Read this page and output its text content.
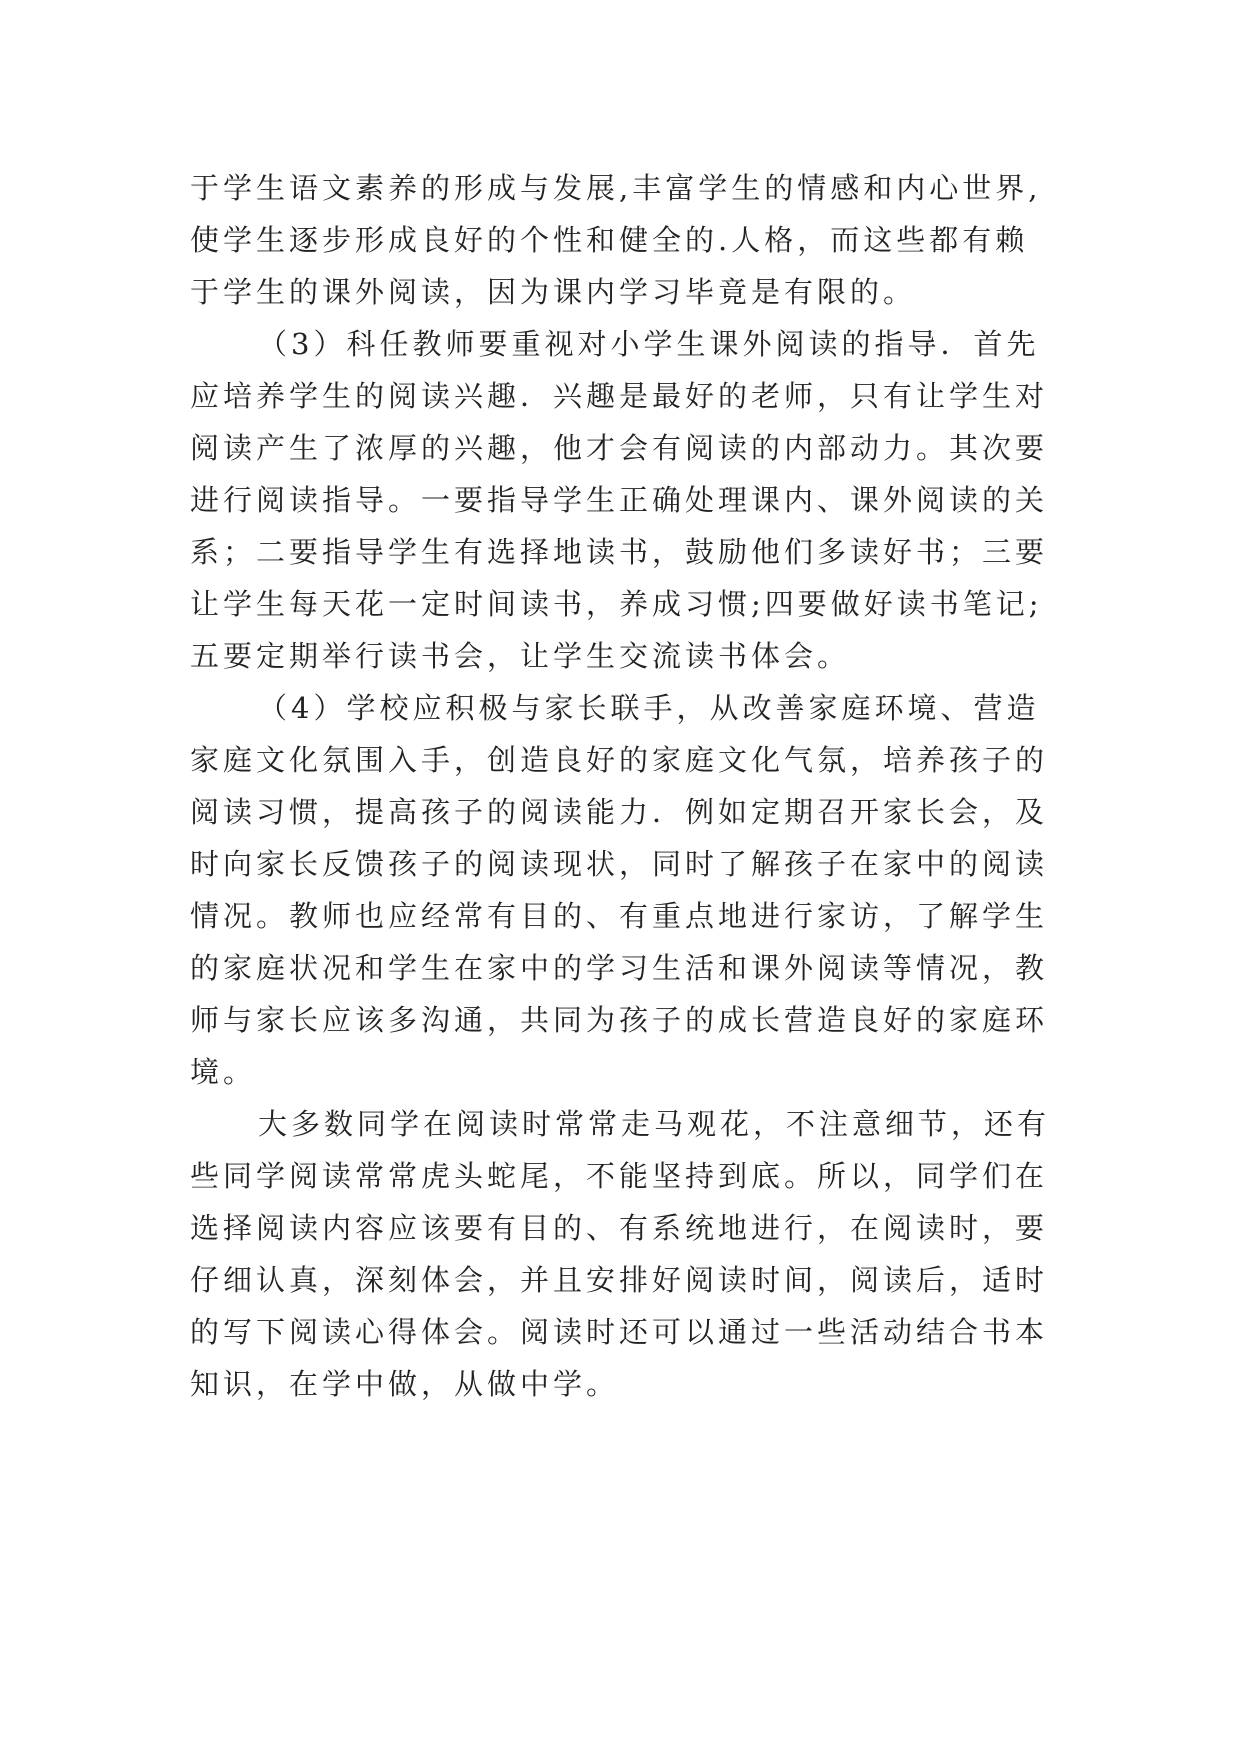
于学生语文素养的形成与发展,丰富学生的情感和内心世界,

使学生逐步形成良好的个性和健全的.人格，而这些都有赖

于学生的课外阅读，因为课内学习毕竟是有限的。

（3）科任教师要重视对小学生课外阅读的指导．首先

应培养学生的阅读兴趣．兴趣是最好的老师，只有让学生对

阅读产生了浓厚的兴趣，他才会有阅读的内部动力。其次要

进行阅读指导。一要指导学生正确处理课内、课外阅读的关

系；二要指导学生有选择地读书，鼓励他们多读好书；三要

让学生每天花一定时间读书，养成习惯;四要做好读书笔记;

五要定期举行读书会，让学生交流读书体会。

（4）学校应积极与家长联手，从改善家庭环境、营造

家庭文化氛围入手，创造良好的家庭文化气氛，培养孩子的

阅读习惯，提高孩子的阅读能力．例如定期召开家长会，及

时向家长反馈孩子的阅读现状，同时了解孩子在家中的阅读

情况。教师也应经常有目的、有重点地进行家访，了解学生

的家庭状况和学生在家中的学习生活和课外阅读等情况，教

师与家长应该多沟通，共同为孩子的成长营造良好的家庭环

境。

大多数同学在阅读时常常走马观花，不注意细节，还有

些同学阅读常常虎头蛇尾，不能坚持到底。所以，同学们在

选择阅读内容应该要有目的、有系统地进行，在阅读时，要

仔细认真，深刻体会，并且安排好阅读时间，阅读后，适时

的写下阅读心得体会。阅读时还可以通过一些活动结合书本

知识，在学中做，从做中学。
